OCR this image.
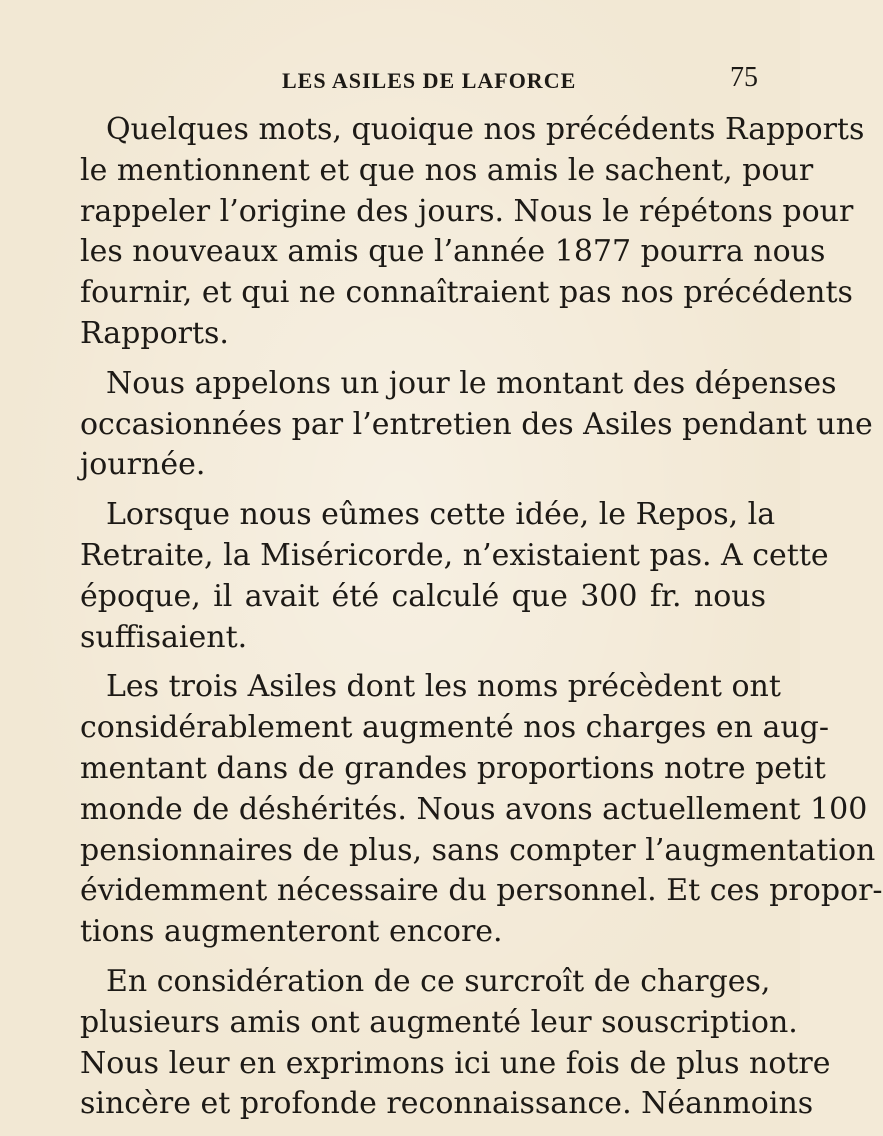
LES ASILES DE LAFORCE	75
Quelques mots, quoique nos précédents Rapports
le mentionnent et que nos amis le sachent, pour
rappeler l’origine des jours. Nous le répétons pour
les nouveaux amis que l’année 1877 pourra nous
fournir, et qui ne connaîtraient pas nos précédents
Rapports.
Nous appelons un jour le montant des dépenses
occasionnées par l’entretien des Asiles pendant une
journée.
Lorsque nous eûmes cette idée, le Repos, la
Retraite, la Miséricorde, n’existaient pas. A cette
époque, il avait été calculé que 300 fr. nous
suffisaient.
Les trois Asiles dont les noms précèdent ont
considérablement augmenté nos charges en aug-
mentant dans de grandes proportions notre petit
monde de déshérités. Nous avons actuellement 100
pensionnaires de plus, sans compter l’augmentation
évidemment nécessaire du personnel. Et ces propor-
tions augmenteront encore.
En considération de ce surcroît de charges,
plusieurs amis ont augmenté leur souscription.
Nous leur en exprimons ici une fois de plus notre
sincère et profonde reconnaissance. Néanmoins
